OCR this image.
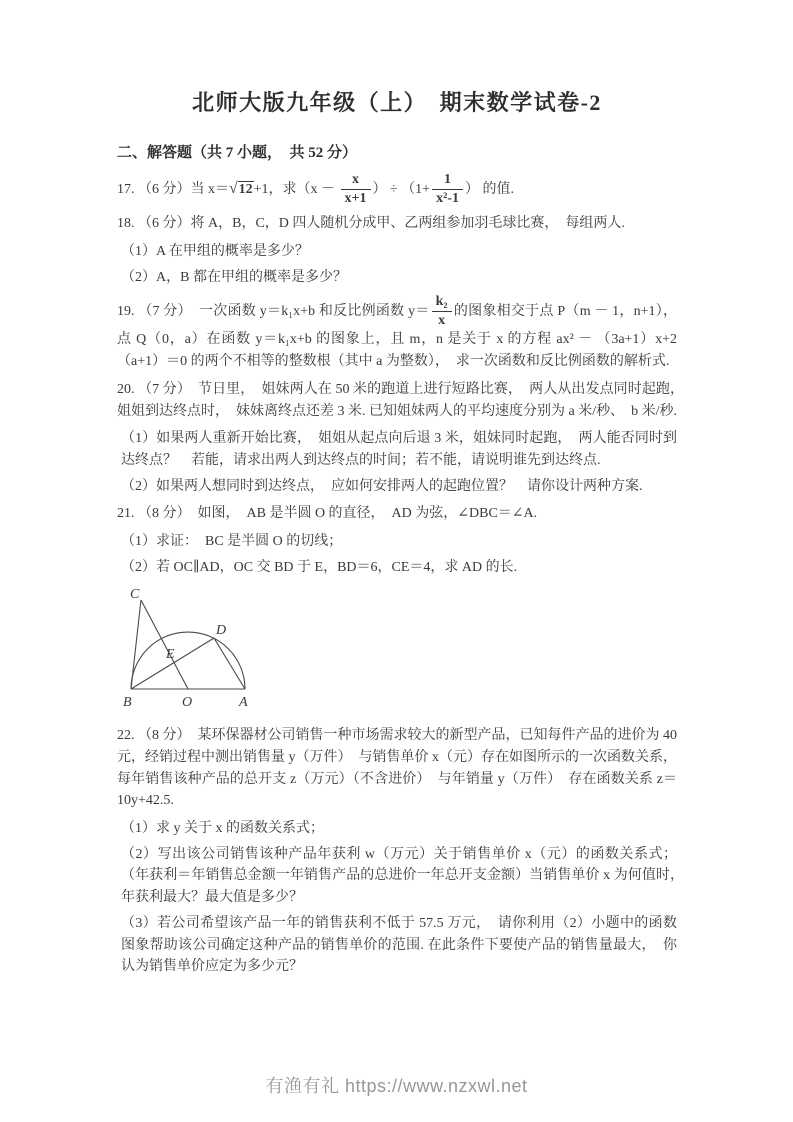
北师大版九年级（上）　期末数学试卷-2
二、解答题（共 7 小题，　共 52 分）

17. （6 分）当 x＝√12+1，求（$x - \frac{x}{x+1}$ ） ÷ （$1+ \frac{1}{\text{x²-1}}$ ） 的值.

18. （6 分）将 A，B，C，D 四人随机分成甲、乙两组参加羽毛球比赛，　每组两人.

（1）A 在甲组的概率是多少？

（2）A，B 都在甲组的概率是多少？

19. （7 分）　一次函数 y＝k₁x+b 和反比例函数 $y= \frac{\text{k₂}}{x}$ 的图象相交于点 P（m － 1，n+1），点 Q（0，a）在函数 y＝k₁x+b 的图象上，且 m，n 是关于 x 的方程 ax² － （3a+1）x+2（a+1）＝0 的两个不相等的整数根（其中 a 为整数），　求一次函数和反比例函数的解析式.

20. （7 分）　节日里，　姐妹两人在 50 米的跑道上进行短路比赛，　两人从出发点同时起跑，　姐姐到达终点时，　妹妹离终点还差 3 米. 已知姐妹两人的平均速度分别为 a 米/秒、　b 米/秒.

（1）如果两人重新开始比赛，　姐姐从起点向后退 3 米，姐妹同时起跑，　两人能否同时到达终点？　若能，请求出两人到达终点的时间；若不能，请说明谁先到达终点.

（2）如果两人想同时到达终点，　应如何安排两人的起跑位置？　请你设计两种方案.

21. （8 分）　如图，　AB 是半圆 O 的直径，　AD 为弦，∠DBC＝∠A.

（1）求证：　BC 是半圆 O 的切线；

（2）若 OC∥AD，OC 交 BD 于 E，BD＝6，CE＝4，求 AD 的长.

B	O	A
C
D
E

22. （8 分）　某环保器材公司销售一种市场需求较大的新型产品，已知每件产品的进价为 40 元，经销过程中测出销售量 y（万件）　与销售单价 x（元）存在如图所示的一次函数关系，每年销售该种产品的总开支 z（万元）（不含进价）　与年销量 y（万件）　存在函数关系 z＝10y+42.5.

（1）求 y 关于 x 的函数关系式；

（2）写出该公司销售该种产品年获利 w（万元）关于销售单价 x（元）的函数关系式；（年获利＝年销售总金额一年销售产品的总进价一年总开支金额）当销售单价 x 为何值时，　年获利最大？最大值是多少？

（3）若公司希望该产品一年的销售获利不低于 57.5 万元，　请你利用（2）小题中的函数图象帮助该公司确定这种产品的销售单价的范围. 在此条件下要使产品的销售量最大，　你认为销售单价应定为多少元？

有渔有礼 https://www.nzxwl.net
